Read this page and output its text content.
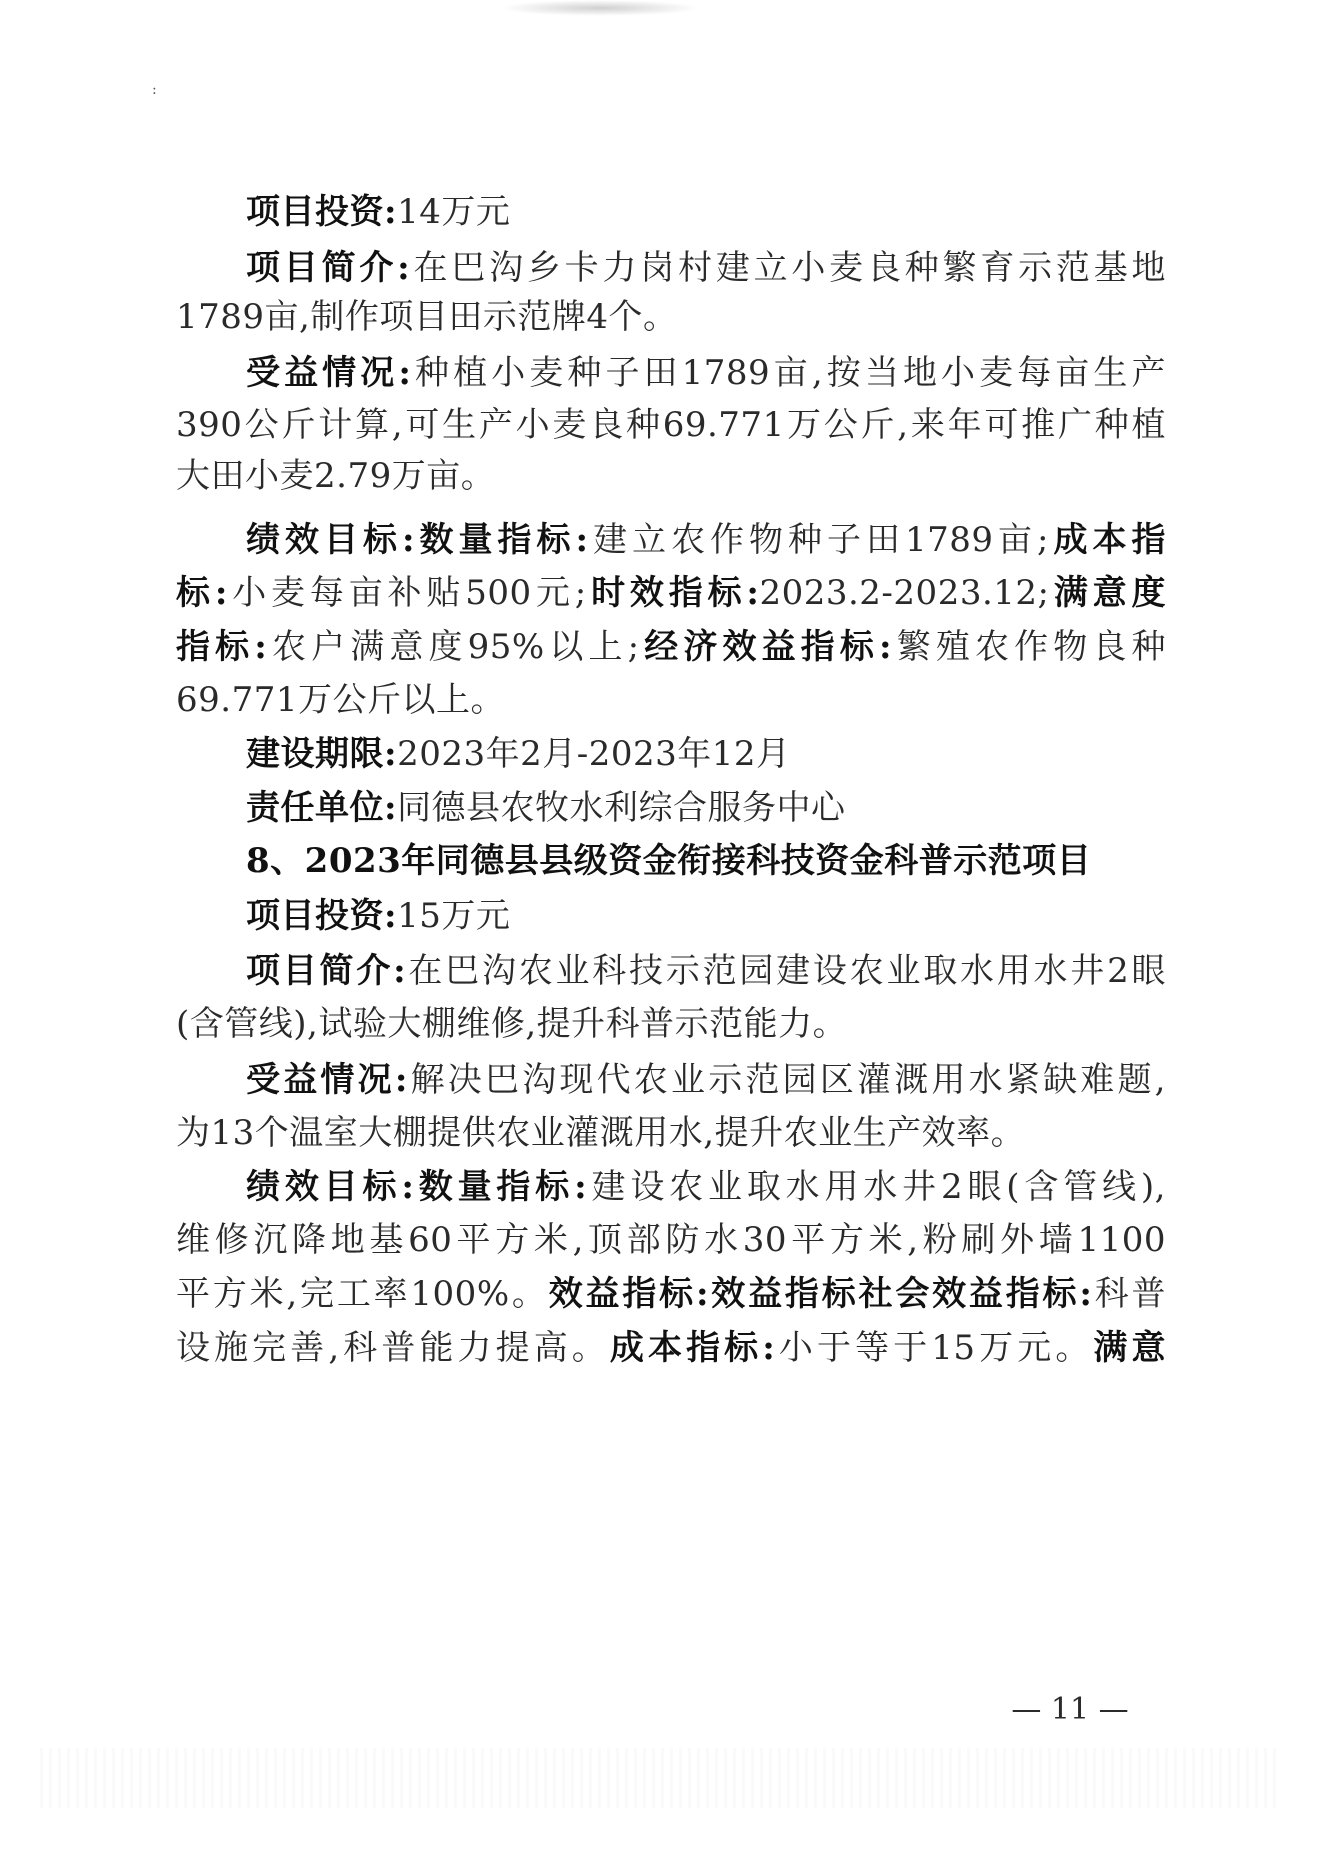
:
项目投资:14万元
项目简介:在巴沟乡卡力岗村建立小麦良种繁育示范基地
1789亩,制作项目田示范牌4个。
受益情况:种植小麦种子田1789亩,按当地小麦每亩生产
390公斤计算,可生产小麦良种69.771万公斤,来年可推广种植
大田小麦2.79万亩。
绩效目标:数量指标:建立农作物种子田1789亩;成本指
标:小麦每亩补贴500元;时效指标:2023.2-2023.12;满意度
指标:农户满意度95%以上;经济效益指标:繁殖农作物良种
69.771万公斤以上。
建设期限:2023年2月-2023年12月
责任单位:同德县农牧水利综合服务中心
8、2023年同德县县级资金衔接科技资金科普示范项目
项目投资:15万元
项目简介:在巴沟农业科技示范园建设农业取水用水井2眼
(含管线),试验大棚维修,提升科普示范能力。
受益情况:解决巴沟现代农业示范园区灌溉用水紧缺难题,
为13个温室大棚提供农业灌溉用水,提升农业生产效率。
绩效目标:数量指标:建设农业取水用水井2眼(含管线),
维修沉降地基60平方米,顶部防水30平方米,粉刷外墙1100
平方米,完工率100%。效益指标:效益指标社会效益指标:科普
设施完善,科普能力提高。成本指标:小于等于15万元。满意
— 11 —
